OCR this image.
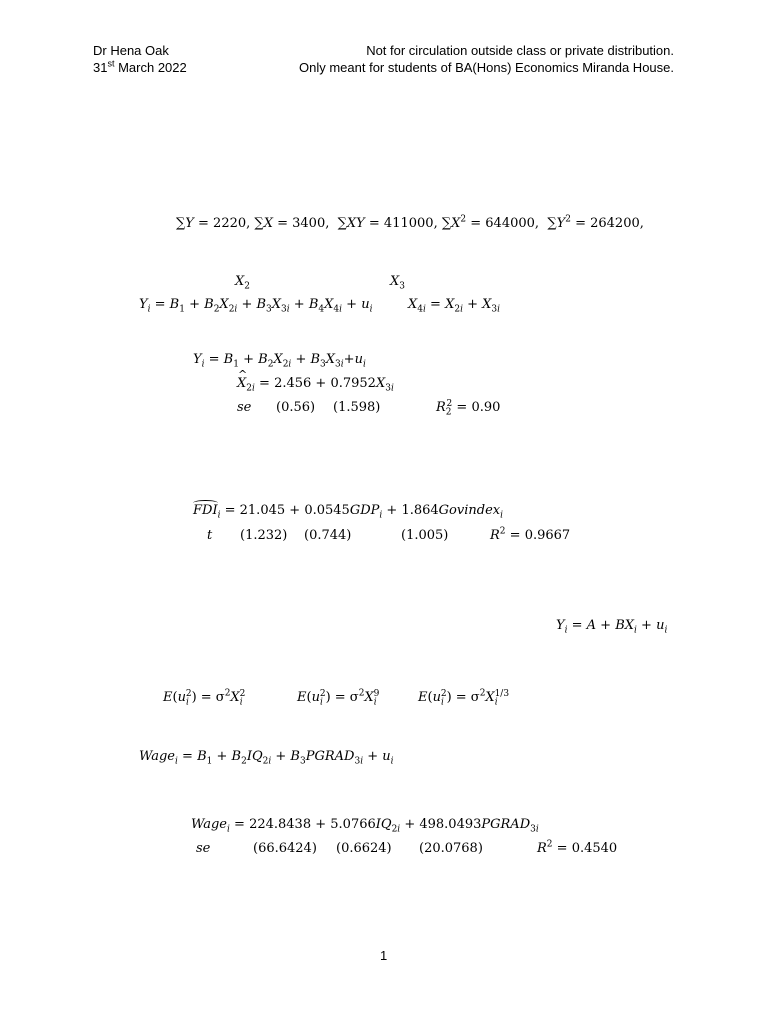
Dr Hena Oak
31st March 2022
Not for circulation outside class or private distribution.
Only meant for students of BA(Hons) Economics Miranda House.
∑Y = 2220, ∑X = 3400,  ∑XY = 411000, $\sum X^2 = 644000$,  $\sum Y^2 = 264200$,
$X_2$	$X_3$
$Y_i = B_1 + B_2X_{2i} + B_3X_{3i} + B_4X_{4i} + u_i$	$X_{4i} = X_{2i} + X_{3i}$
$Y_i = B_1 + B_2X_{2i} + B_3X_{3i}+u_i$
^ $X_{2i} = 2.456 + 0.7952X_{3i}$
se (0.56) (1.598)	$R_2^2 = 0.90$
$FDI_i = 21.045 + 0.0545GDP_i$ + 1.864Govindex$_i$
t (1.232) (0.744)	(1.005)	$R^2 = 0.9667$
$Y_i = A + BX_i + u_i$
$E(u_i^2) = \sigma^2X_i^2$	$E(u_i^2) = \sigma^2X_i^9$	$E(u_i^2) = \sigma^2X_i^{1/3}$
Wage$_i$ = $B_1 + B_2IQ_{2i}$ + $B_3PGRAD_{3i} + u_i$
Wage$_i$ = $224.8438 + 5.0766IQ_{2i}$ + $498.0493PGRAD_{3i}$
se	(66.6424) (0.6624) (20.0768)	$R^2 = 0.4540$
1
